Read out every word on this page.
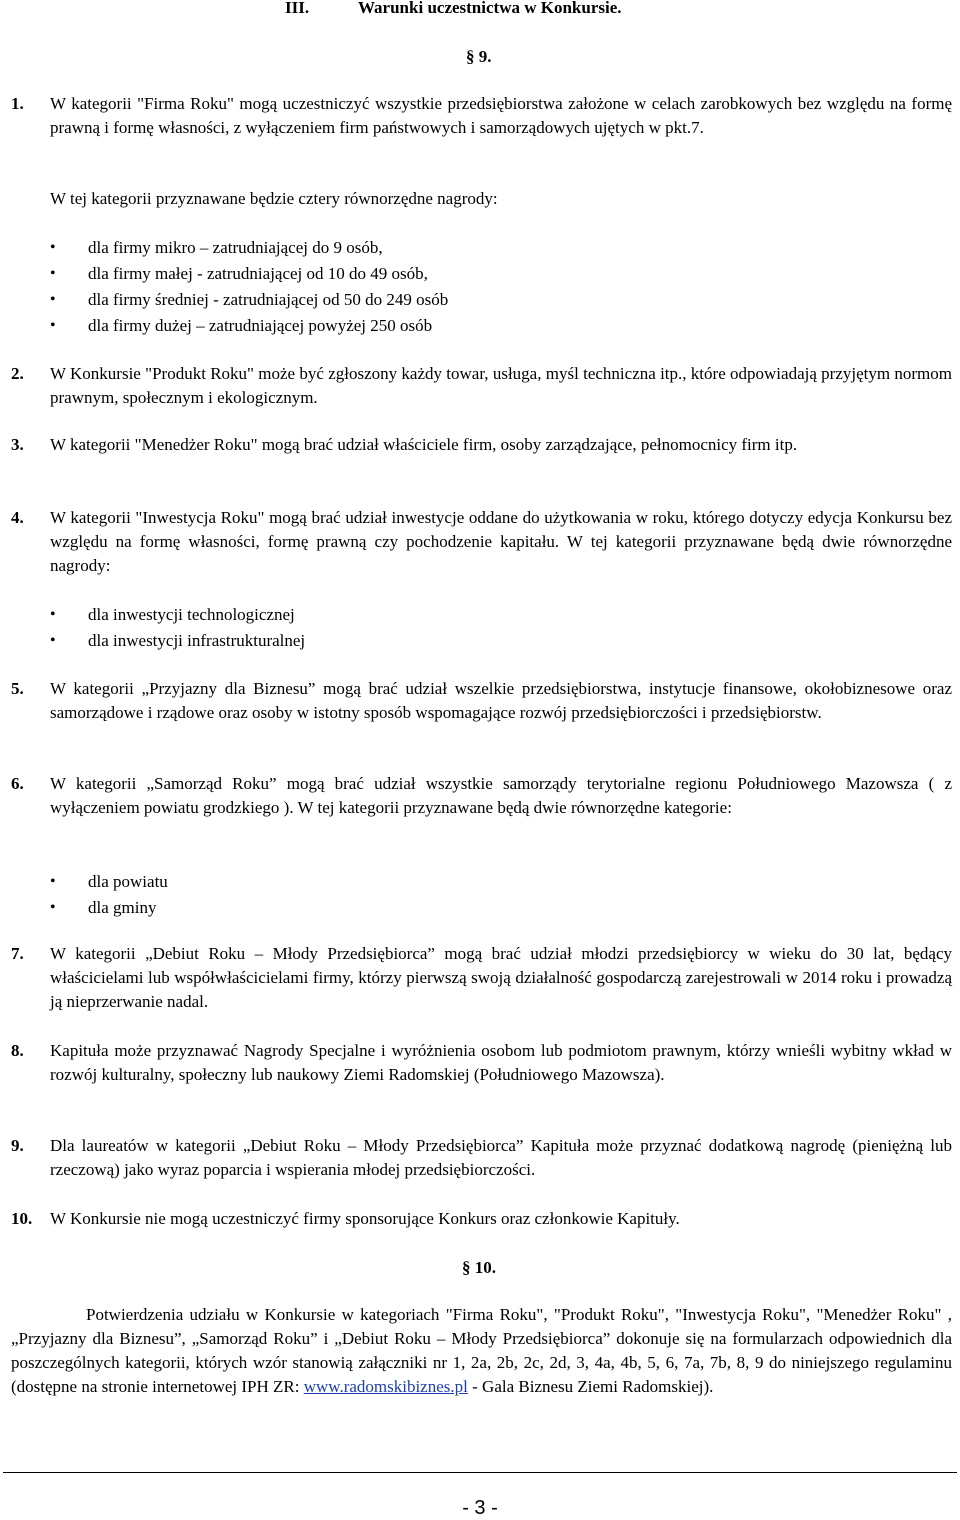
III.	Warunki uczestnictwa w Konkursie.
§ 9.
1. W kategorii "Firma Roku" mogą uczestniczyć wszystkie przedsiębiorstwa założone w celach zarobkowych bez względu na formę prawną i formę własności, z wyłączeniem firm państwowych i samorządowych ujętych w pkt.7.
W tej kategorii przyznawane będzie cztery równorzędne nagrody:
• dla firmy mikro – zatrudniającej do 9 osób,
• dla firmy małej - zatrudniającej od 10 do 49 osób,
• dla firmy średniej - zatrudniającej od 50 do 249 osób
• dla firmy dużej – zatrudniającej powyżej 250 osób
2. W Konkursie "Produkt Roku" może być zgłoszony każdy towar, usługa, myśl techniczna itp., które odpowiadają przyjętym normom prawnym, społecznym i ekologicznym.
3. W kategorii "Menedżer Roku" mogą brać udział właściciele firm, osoby zarządzające, pełnomocnicy firm itp.
4. W kategorii "Inwestycja Roku" mogą brać udział inwestycje oddane do użytkowania w roku, którego dotyczy edycja Konkursu bez względu na formę własności, formę prawną czy pochodzenie kapitału. W tej kategorii przyznawane będą dwie równorzędne nagrody:
• dla inwestycji technologicznej
• dla inwestycji infrastrukturalnej
5. W kategorii „Przyjazny dla Biznesu” mogą brać udział wszelkie przedsiębiorstwa, instytucje finansowe, okołobiznesowe oraz samorządowe i rządowe oraz osoby w istotny sposób wspomagające rozwój przedsiębiorczości i przedsiębiorstw.
6. W kategorii „Samorząd Roku” mogą brać udział wszystkie samorządy terytorialne regionu Południowego Mazowsza ( z wyłączeniem powiatu grodzkiego ). W tej kategorii przyznawane będą dwie równorzędne kategorie:
• dla powiatu
• dla gminy
7. W kategorii „Debiut Roku – Młody Przedsiębiorca” mogą brać udział młodzi przedsiębiorcy w wieku do 30 lat, będący właścicielami lub współwłaścicielami firmy, którzy pierwszą swoją działalność gospodarczą zarejestrowali w 2014 roku i prowadzą ją nieprzerwanie nadal.
8. Kapituła może przyznawać Nagrody Specjalne i wyróżnienia osobom lub podmiotom prawnym, którzy wnieśli wybitny wkład w rozwój kulturalny, społeczny lub naukowy Ziemi Radomskiej (Południowego Mazowsza).
9. Dla laureatów w kategorii „Debiut Roku – Młody Przedsiębiorca” Kapituła może przyznać dodatkową nagrodę (pieniężną lub rzeczową) jako wyraz poparcia i wspierania młodej przedsiębiorczości.
10. W Konkursie nie mogą uczestniczyć firmy sponsorujące Konkurs oraz członkowie Kapituły.
§ 10.
Potwierdzenia udziału w Konkursie w kategoriach "Firma Roku", "Produkt Roku", "Inwestycja Roku", "Menedżer Roku" , „Przyjazny dla Biznesu”, „Samorząd Roku” i „Debiut Roku – Młody Przedsiębiorca” dokonuje się na formularzach odpowiednich dla poszczególnych kategorii, których wzór stanowią załączniki nr 1, 2a, 2b, 2c, 2d, 3, 4a, 4b, 5, 6, 7a, 7b, 8, 9 do niniejszego regulaminu (dostępne na stronie internetowej IPH ZR: www.radomskibiznes.pl - Gala Biznesu Ziemi Radomskiej).
- 3 -
